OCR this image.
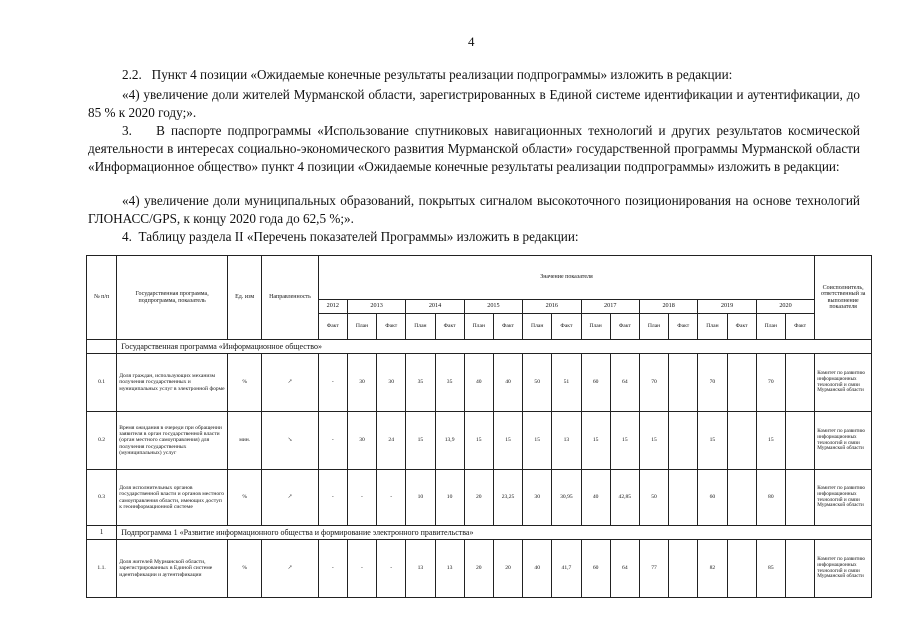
4
2.2.   Пункт 4 позиции «Ожидаемые конечные результаты реализации подпрограммы» изложить в редакции:
«4) увеличение доли жителей Мурманской области, зарегистрированных в Единой системе идентификации и аутентификации, до 85 % к 2020 году;».
3.    В паспорте подпрограммы «Использование спутниковых навигационных технологий и других результатов космической деятельности в интересах социально-экономического развития Мурманской области» государственной программы Мурманской области «Информационное общество» пункт 4 позиции «Ожидаемые конечные результаты реализации подпрограммы» изложить в редакции:
«4) увеличение доли муниципальных образований, покрытых сигналом высокоточного позиционирования на основе технологий ГЛОНАСС/GPS, к концу 2020 года до 62,5 %;».
4.  Таблицу раздела II «Перечень показателей Программы» изложить в редакции:
№ п/п	Государственная программа, подпрограмма, показатель	Ед. изм	Направленность	Значение показателя																	Соисполнитель, ответственный за выполнение показателя
				2012	2013		2014		2015		2016		2017		2018		2019		2020		
				Факт	План	Факт	План	Факт	План	Факт	План	Факт	План	Факт	План	Факт	План	Факт	План	Факт	
	Государственная программа «Информационное общество»																				
0.1	Доля граждан, использующих механизм получения государственных и муниципальных услуг в электронной форме	%	↗	-	30	30	35	35	40	40	50	51	60	64	70		70		70		Комитет по развитию информационных технологий и связи Мурманской области
0.2	Время ожидания в очереди при обращении заявителя в орган государственной власти (орган местного самоуправления) для получения государственных (муниципальных) услуг	мин.	↘	-	30	24	15	13,9	15	15	15	13	15	15	15		15		15		Комитет по развитию информационных технологий и связи Мурманской области
0.3	Доля исполнительных органов государственной власти и органов местного самоуправления области, имеющих доступ к геоинформационной системе	%	↗	-	-	-	10	10	20	23,25	30	30,95	40	42,85	50		60		80		Комитет по развитию информационных технологий и связи Мурманской области
1	Подпрограмма 1 «Развитие информационного общества и формирование электронного правительства»																				
1.1.	Доля жителей Мурманской области, зарегистрированных в Единой системе идентификации и аутентификации	%	↗	-	-	-	13	13	20	20	40	41,7	60	64	77		82		85		Комитет по развитию информационных технологий и связи Мурманской области
